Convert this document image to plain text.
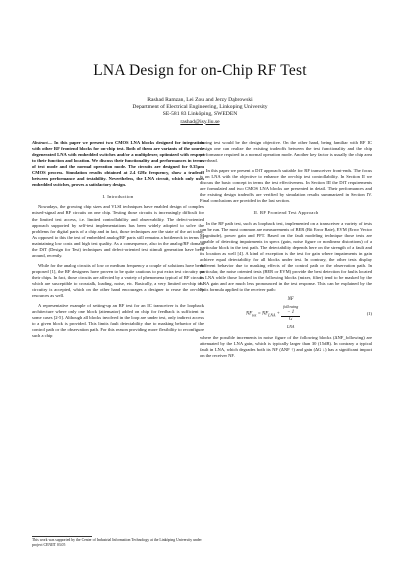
LNA Design for on-Chip RF Test
Rashad Ramzan, Lei Zou and Jerzy Dąbrowski
Department of Electrical Engineering, Linkoping University
SE-581 83 Linköping, SWEDEN
rashad@isy.liu.se

Abstract— In this paper we present two CMOS LNA blocks designed for integration with other RF frontend blocks for on-chip test. Both of them are variants of the source degenerated LNA with embedded switches and/or a multiplexer, optimized with respect to their function and location. We discuss their functionality and performances in terms of test mode and the normal operation mode. The circuits are designed for 0.35µm CMOS process. Simulation results obtained at 2.4 GHz frequency, show a tradeoff between performance and testability. Nevertheless, the LNA circuit, which only uses embedded switches, proves a satisfactory design.

I. Introduction

Nowadays, the growing chip sizes and VLSI techniques have enabled design of complex mixed-signal and RF circuits on one chip. Testing those circuits is increasingly difficult for the limited test access, i.e. limited controllability and observability. The defect-oriented approach supported by self-test implementations has been widely adopted to solve the problems for digital parts of a chip and in fact, those techniques are the state of the art today. As opposed to this the test of embedded analog/RF parts still remains a bottleneck in terms of maintaining low costs and high test quality. As a consequence, also in the analog/RF domain the DfT (Design for Test) techniques and defect-oriented test stimuli generation have been around, recently.

While for the analog circuits of low or medium frequency a couple of solutions have been proposed [1], the RF designers have proven to be quite cautious to put extra test circuitry on their chips. In fact, those circuits are affected by a variety of phenomena typical of RF circuits which are susceptible to crosstalk, loading, noise, etc. Basically, a very limited on-chip test circuitry is accepted, which on the other hand encourages a designer to reuse the on-chip resources as well.

A representative example of setting-up an RF test for an IC transceiver is the loopback architecture where only one block (attenuator) added on chip for feedback is sufficient in some cases [2-5]. Although all blocks involved in the loop are under test, only indirect access to a given block is provided. This limits fault detectability due to masking behavior of the control path or the observation path. For this reason providing more flexibility to reconfigure such a chip

during test would be the design objective. On the other hand, being familiar with RF IC design one can realize the existing tradeoffs between the test functionality and the chip performance required in a normal operation mode. Another key factor is usually the chip area overhead.

In this paper we present a DfT approach suitable for RF transceiver front-ends. The focus is on LNA with the objective to enhance the on-chip test controllability. In Section II we discuss the basic concept in terms the test effectiveness. In Section III the DfT requirements are formulated and two CMOS LNA blocks are presented in detail. Their performances and the existing design tradeoffs are verified by simulation results summarized in Section IV. Final conclusions are provided in the last section.

II. RF Frontend Test Approach

In the RF path test, such as loopback test, implemented on a transceiver a variety of tests can be run. The most common are measurements of BER (Bit Error Rate), EVM (Error Vector Magnitude), power gain and FFT. Based on the fault modeling technique those tests are capable of detecting impairments in specs (gain, noise figure or nonlinear distortions) of a particular block in the test path. The detectability depends here on the strength of a fault and its location as well [4]. A kind of exception is the test for gain where impairments in gain achieve equal detectability for all blocks under test. In contrary, the other tests display different behavior due to masking effects of the control path or the observation path. In particular, the noise oriented tests (BER or EVM) provide the best detection for faults located in LNA while those located in the following blocks (mixer, filter) tend to be masked by the LNA gain and are much less pronounced in the test response. This can be explained by the Friis formula applied to the receiver path:

$NF_{tot} = NF_{LNA}$ + NF
$_{following}$
− 1
G
$_{LNA}$	(1)

where the possible increments in noise figure of the following blocks (ΔNF_following) are attenuated by the LNA gain, which is typically larger than 30 (15dB). In contrary a typical fault in LNA, which degrades both its NF (ΔNF ↑) and gain (ΔG ↓) has a significant impact on the receiver NF.

This work was supported by the Center of Industrial Information Technology at the Linköping University under project CENIIT 03.05
